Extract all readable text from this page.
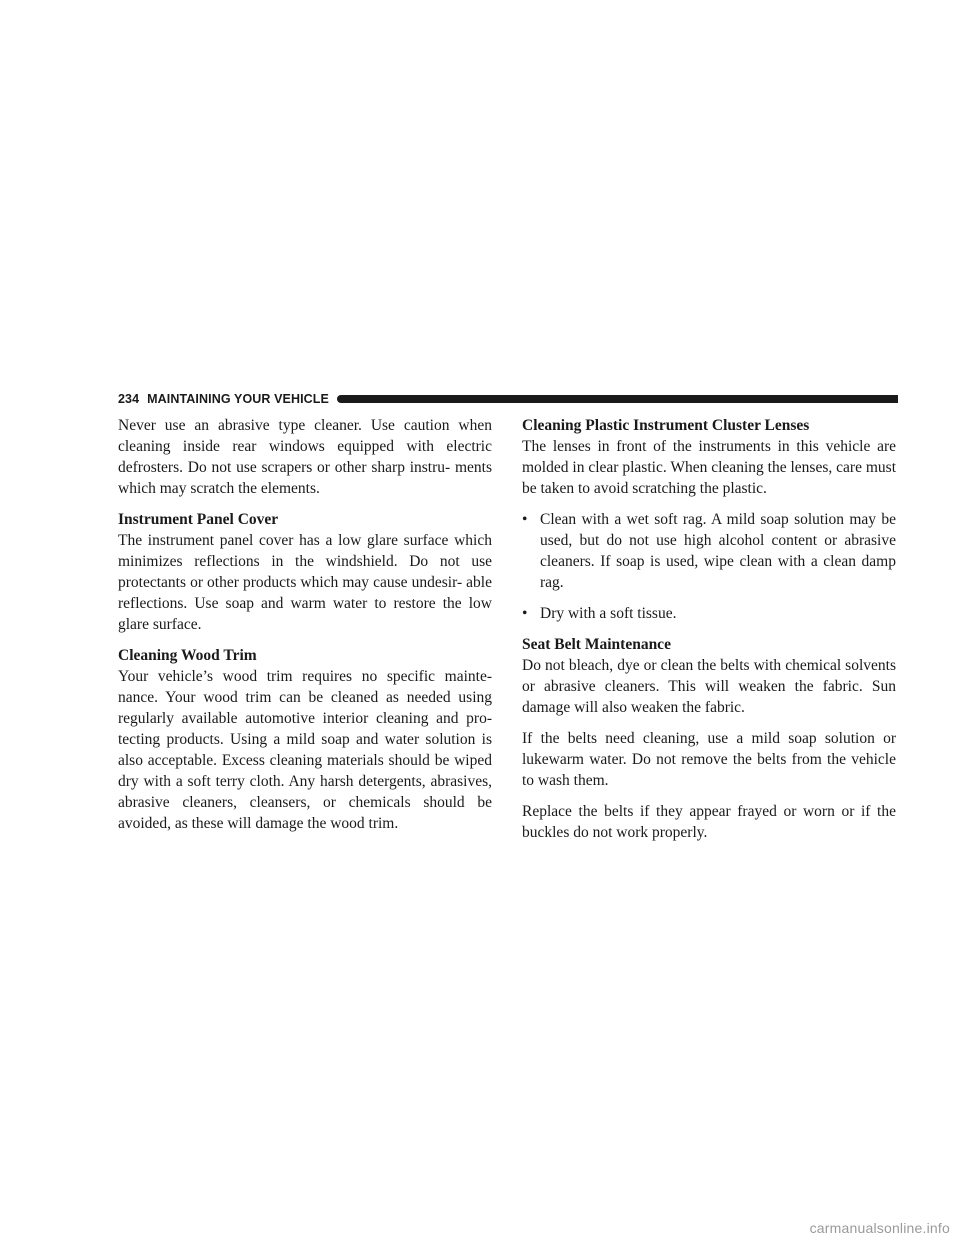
234 MAINTAINING YOUR VEHICLE

Never use an abrasive type cleaner. Use caution when cleaning inside rear windows equipped with electric defrosters. Do not use scrapers or other sharp instru- ments which may scratch the elements.

Instrument Panel Cover

The instrument panel cover has a low glare surface which minimizes reflections in the windshield. Do not use protectants or other products which may cause undesir- able reflections. Use soap and warm water to restore the low glare surface.

Cleaning Wood Trim

Your vehicle’s wood trim requires no specific mainte- nance. Your wood trim can be cleaned as needed using regularly available automotive interior cleaning and pro- tecting products. Using a mild soap and water solution is also acceptable. Excess cleaning materials should be wiped dry with a soft terry cloth. Any harsh detergents, abrasives, abrasive cleaners, cleansers, or chemicals should be avoided, as these will damage the wood trim.

Cleaning Plastic Instrument Cluster Lenses

The lenses in front of the instruments in this vehicle are molded in clear plastic. When cleaning the lenses, care must be taken to avoid scratching the plastic.

• Clean with a wet soft rag. A mild soap solution may be used, but do not use high alcohol content or abrasive cleaners. If soap is used, wipe clean with a clean damp rag.
• Dry with a soft tissue.
Seat Belt Maintenance

Do not bleach, dye or clean the belts with chemical solvents or abrasive cleaners. This will weaken the fabric. Sun damage will also weaken the fabric.

If the belts need cleaning, use a mild soap solution or lukewarm water. Do not remove the belts from the vehicle to wash them.

Replace the belts if they appear frayed or worn or if the buckles do not work properly.

carmanualsonline.info
